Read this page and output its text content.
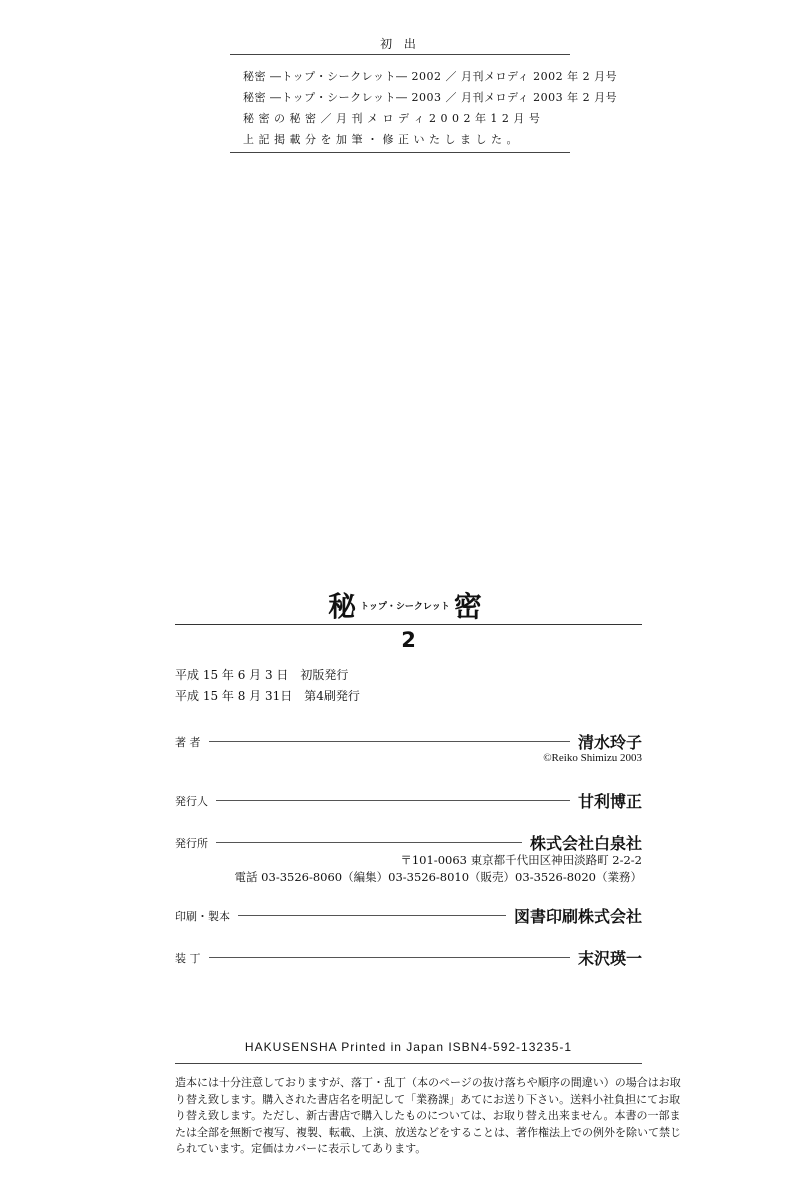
初 出
秘密 ―トップ・シークレット― 2002 ／ 月刊メロディ 2002 年 2 月号
秘密 ―トップ・シークレット― 2003 ／ 月刊メロディ 2003 年 2 月号
秘 密 の 秘 密 ／ 月 刊 メ ロ デ ィ 2 0 0 2 年 1 2 月 号
上 記 掲 載 分 を 加 筆 ・ 修 正 い た し ま し た 。
秘トップ・シークレット 密
2
平成 15 年 6 月 3 日　初版発行
平成 15 年 8 月 31日　第4刷発行
著 者	清水玲子
©Reiko Shimizu 2003
発行人	甘利博正
発行所	株式会社白泉社
〒101-0063 東京都千代田区神田淡路町 2-2-2
電話 03-3526-8060（編集）03-3526-8010（販売）03-3526-8020（業務）
印刷・製本	図書印刷株式会社
装 丁	末沢瑛一
HAKUSENSHA Printed in Japan ISBN4-592-13235-1
造本には十分注意しておりますが、落丁・乱丁（本のページの抜け落ちや順序の間違い）の場合はお取
り替え致します。購入された書店名を明記して「業務課」あてにお送り下さい。送料小社負担にてお取
り替え致します。ただし、新古書店で購入したものについては、お取り替え出来ません。本書の一部ま
たは全部を無断で複写、複製、転載、上演、放送などをすることは、著作権法上での例外を除いて禁じ
られています。定価はカバーに表示してあります。
